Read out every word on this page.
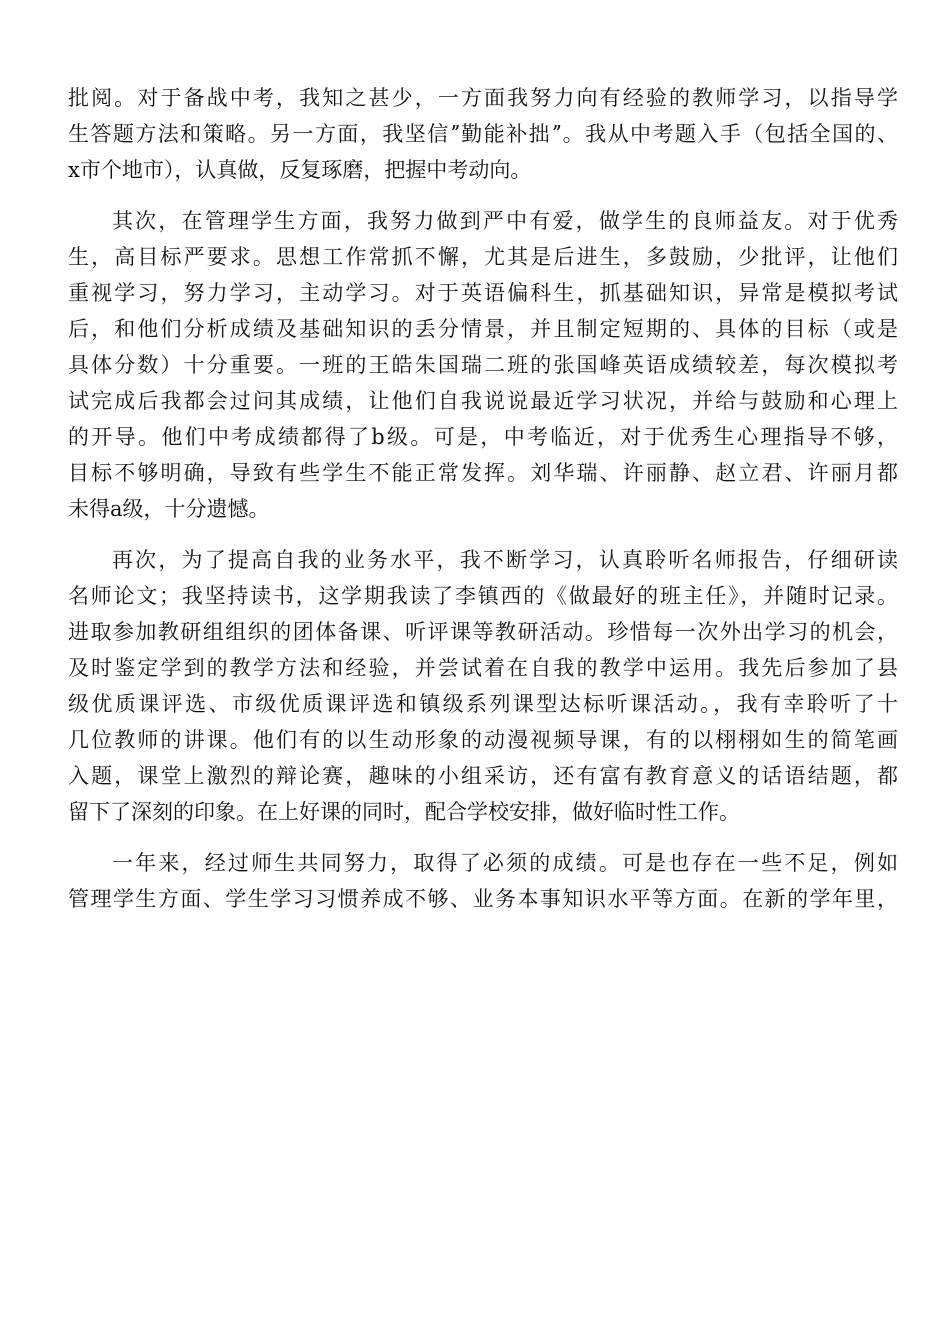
批阅。对于备战中考，我知之甚少，一方面我努力向有经验的教师学习，以指导学
生答题方法和策略。另一方面，我坚信ˮ勤能补拙ˮ。我从中考题入手（包括全国的、
x市个地市），认真做，反复琢磨，把握中考动向。
其次，在管理学生方面，我努力做到严中有爱，做学生的良师益友。对于优秀
生，高目标严要求。思想工作常抓不懈，尤其是后进生，多鼓励，少批评，让他们
重视学习，努力学习，主动学习。对于英语偏科生，抓基础知识，异常是模拟考试
后，和他们分析成绩及基础知识的丢分情景，并且制定短期的、具体的目标（或是
具体分数）十分重要。一班的王皓朱国瑞二班的张国峰英语成绩较差，每次模拟考
试完成后我都会过问其成绩，让他们自我说说最近学习状况，并给与鼓励和心理上
的开导。他们中考成绩都得了b级。可是，中考临近，对于优秀生心理指导不够，
目标不够明确，导致有些学生不能正常发挥。刘华瑞、许丽静、赵立君、许丽月都
未得a级，十分遗憾。
再次，为了提高自我的业务水平，我不断学习，认真聆听名师报告，仔细研读
名师论文；我坚持读书，这学期我读了李镇西的《做最好的班主任》，并随时记录。
进取参加教研组组织的团体备课、听评课等教研活动。珍惜每一次外出学习的机会，
及时鉴定学到的教学方法和经验，并尝试着在自我的教学中运用。我先后参加了县
级优质课评选、市级优质课评选和镇级系列课型达标听课活动。，我有幸聆听了十
几位教师的讲课。他们有的以生动形象的动漫视频导课，有的以栩栩如生的简笔画
入题，课堂上激烈的辩论赛，趣味的小组采访，还有富有教育意义的话语结题，都
留下了深刻的印象。在上好课的同时，配合学校安排，做好临时性工作。
一年来，经过师生共同努力，取得了必须的成绩。可是也存在一些不足，例如
管理学生方面、学生学习习惯养成不够、业务本事知识水平等方面。在新的学年里，
